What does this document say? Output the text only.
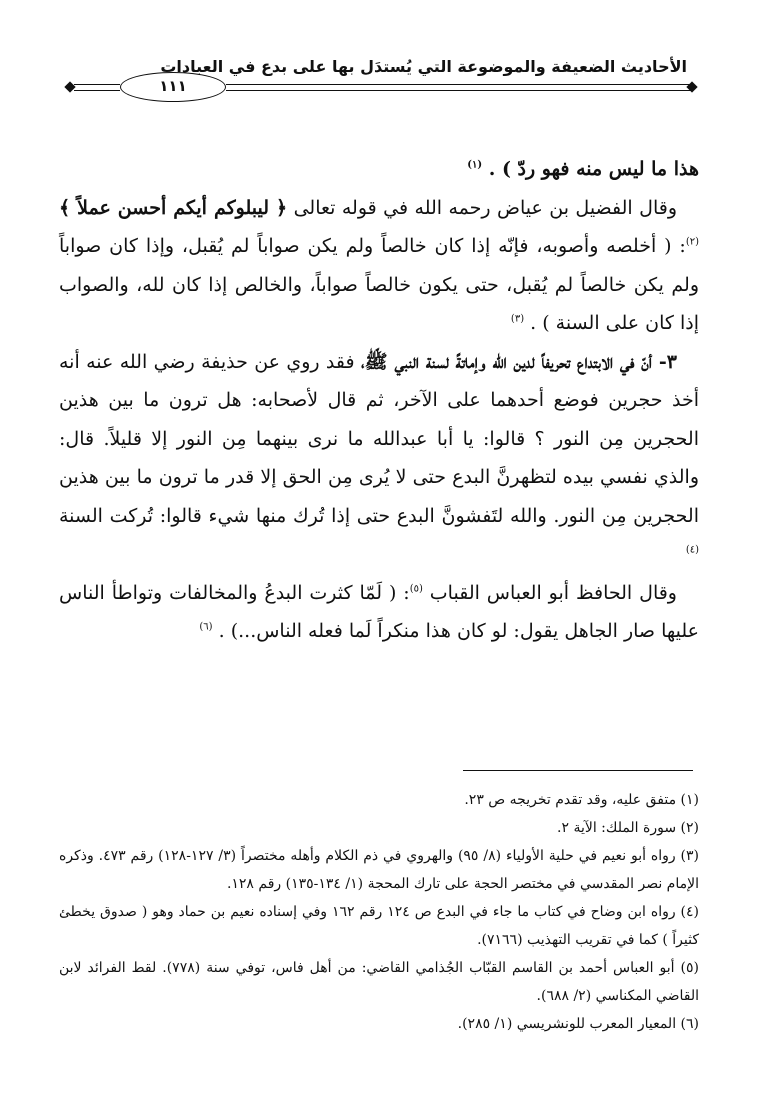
الأحاديث الضعيفة والموضوعة التي يُستدَل بها على بدع في العبادات
١١١

هذا ما ليس منه فهو ردّ ) . $^{(١)}$

وقال الفضيل بن عياض رحمه الله في قوله تعالى ﴿ ليبلوكم أيكم أحسن عملاً ﴾$^{(٢)}$: ( أخلصه وأصوبه، فإنّه إذا كان خالصاً ولم يكن صواباً لم يُقبل، وإذا كان صواباً ولم يكن خالصاً لم يُقبل، حتى يكون خالصاً صواباً، والخالص إذا كان لله، والصواب إذا كان على السنة ) . $^{(٣)}$

٣- أنّ في الابتداع تحريفاً لدين الله وإماتةً لسنة النبي ﷺ، فقد روي عن حذيفة رضي الله عنه أنه أخذ حجرين فوضع أحدهما على الآخر، ثم قال لأصحابه: هل ترون ما بين هذين الحجرين مِن النور ؟ قالوا: يا أبا عبدالله ما نرى بينهما مِن النور إلا قليلاً. قال: والذي نفسي بيده لتظهرنَّ البدع حتى لا يُرى مِن الحق إلا قدر ما ترون ما بين هذين الحجرين مِن النور. والله لتَفشونَّ البدع حتى إذا تُرك منها شيء قالوا: تُركت السنة $^{(٤)}$

وقال الحافظ أبو العباس القباب $^{(٥)}$: ( لَمّا كثرت البدعُ والمخالفات وتواطأ الناس عليها صار الجاهل يقول: لو كان هذا منكراً لَما فعله الناس...) . $^{(٦)}$

(١) متفق عليه، وقد تقدم تخريجه ص ٢٣.

(٢) سورة الملك: الآية ٢.

(٣) رواه أبو نعيم في حلية الأولياء (٨/ ٩٥) والهروي في ذم الكلام وأهله مختصراً (٣/ ١٢٧-١٢٨) رقم ٤٧٣. وذكره الإمام نصر المقدسي في مختصر الحجة على تارك المحجة (١/ ١٣٤-١٣٥) رقم ١٢٨.

(٤) رواه ابن وضاح في كتاب ما جاء في البدع ص ١٢٤ رقم ١٦٢ وفي إسناده نعيم بن حماد وهو ( صدوق يخطئ كثيراً ) كما في تقريب التهذيب (٧١٦٦).

(٥) أبو العباس أحمد بن القاسم القبّاب الجُذامي القاضي: من أهل فاس، توفي سنة (٧٧٨). لقط الفرائد لابن القاضي المكناسي (٢/ ٦٨٨).

(٦) المعيار المعرب للونشريسي (١/ ٢٨٥).
